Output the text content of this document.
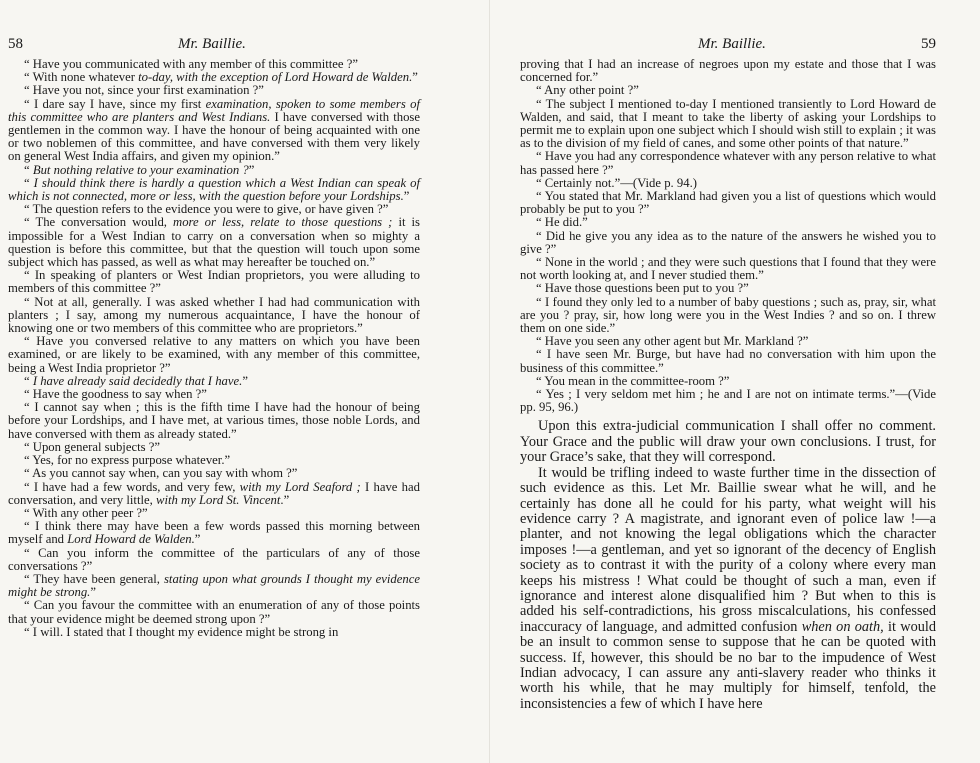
58	Mr. Baillie.

“ Have you communicated with any member of this committee ?”

“ With none whatever to-day, with the exception of Lord Howard de Walden.”

“ Have you not, since your first examination ?”

“ I dare say I have, since my first examination, spoken to some members of this committee who are planters and West Indians. I have conversed with those gentlemen in the common way. I have the honour of being acquainted with one or two noblemen of this committee, and have conversed with them very likely on general West India affairs, and given my opinion.”

“ But nothing relative to your examination ?”

“ I should think there is hardly a question which a West Indian can speak of which is not connected, more or less, with the question before your Lordships.”

“ The question refers to the evidence you were to give, or have given ?”

“ The conversation would, more or less, relate to those questions ; it is impossible for a West Indian to carry on a conversation when so mighty a question is before this committee, but that the question will touch upon some subject which has passed, as well as what may hereafter be touched on.”

“ In speaking of planters or West Indian proprietors, you were alluding to members of this committee ?”

“ Not at all, generally. I was asked whether I had had communication with planters ; I say, among my numerous acquaintance, I have the honour of knowing one or two members of this committee who are proprietors.”

“ Have you conversed relative to any matters on which you have been examined, or are likely to be examined, with any member of this committee, being a West India proprietor ?”

“ I have already said decidedly that I have.”

“ Have the goodness to say when ?”

“ I cannot say when ; this is the fifth time I have had the honour of being before your Lordships, and I have met, at various times, those noble Lords, and have conversed with them as already stated.”

“ Upon general subjects ?”

“ Yes, for no express purpose whatever.”

“ As you cannot say when, can you say with whom ?”

“ I have had a few words, and very few, with my Lord Seaford ; I have had conversation, and very little, with my Lord St. Vincent.”

“ With any other peer ?”

“ I think there may have been a few words passed this morning between myself and Lord Howard de Walden.”

“ Can you inform the committee of the particulars of any of those conversations ?”

“ They have been general, stating upon what grounds I thought my evidence might be strong.”

“ Can you favour the committee with an enumeration of any of those points that your evidence might be deemed strong upon ?”

“ I will. I stated that I thought my evidence might be strong in

Mr. Baillie.	59

proving that I had an increase of negroes upon my estate and those that I was concerned for.”

“ Any other point ?”

“ The subject I mentioned to-day I mentioned transiently to Lord Howard de Walden, and said, that I meant to take the liberty of asking your Lordships to permit me to explain upon one subject which I should wish still to explain ; it was as to the division of my field of canes, and some other points of that nature.”

“ Have you had any correspondence whatever with any person relative to what has passed here ?”

“ Certainly not.”—(Vide p. 94.)

“ You stated that Mr. Markland had given you a list of questions which would probably be put to you ?”

“ He did.”

“ Did he give you any idea as to the nature of the answers he wished you to give ?”

“ None in the world ; and they were such questions that I found that they were not worth looking at, and I never studied them.”

“ Have those questions been put to you ?”

“ I found they only led to a number of baby questions ; such as, pray, sir, what are you ? pray, sir, how long were you in the West Indies ? and so on. I threw them on one side.”

“ Have you seen any other agent but Mr. Markland ?”

“ I have seen Mr. Burge, but have had no conversation with him upon the business of this committee.”

“ You mean in the committee-room ?”

“ Yes ; I very seldom met him ; he and I are not on intimate terms.”—(Vide pp. 95, 96.)

Upon this extra-judicial communication I shall offer no comment. Your Grace and the public will draw your own conclusions. I trust, for your Grace’s sake, that they will correspond.

It would be trifling indeed to waste further time in the dissection of such evidence as this. Let Mr. Baillie swear what he will, and he certainly has done all he could for his party, what weight will his evidence carry ? A magistrate, and ignorant even of police law !—a planter, and not knowing the legal obligations which the character imposes !—a gentleman, and yet so ignorant of the decency of English society as to contrast it with the purity of a colony where every man keeps his mistress ! What could be thought of such a man, even if ignorance and interest alone disqualified him ? But when to this is added his self-contradictions, his gross miscalculations, his confessed inaccuracy of language, and admitted confusion when on oath, it would be an insult to common sense to suppose that he can be quoted with success. If, however, this should be no bar to the impudence of West Indian advocacy, I can assure any anti-slavery reader who thinks it worth his while, that he may multiply for himself, tenfold, the inconsistencies a few of which I have here
